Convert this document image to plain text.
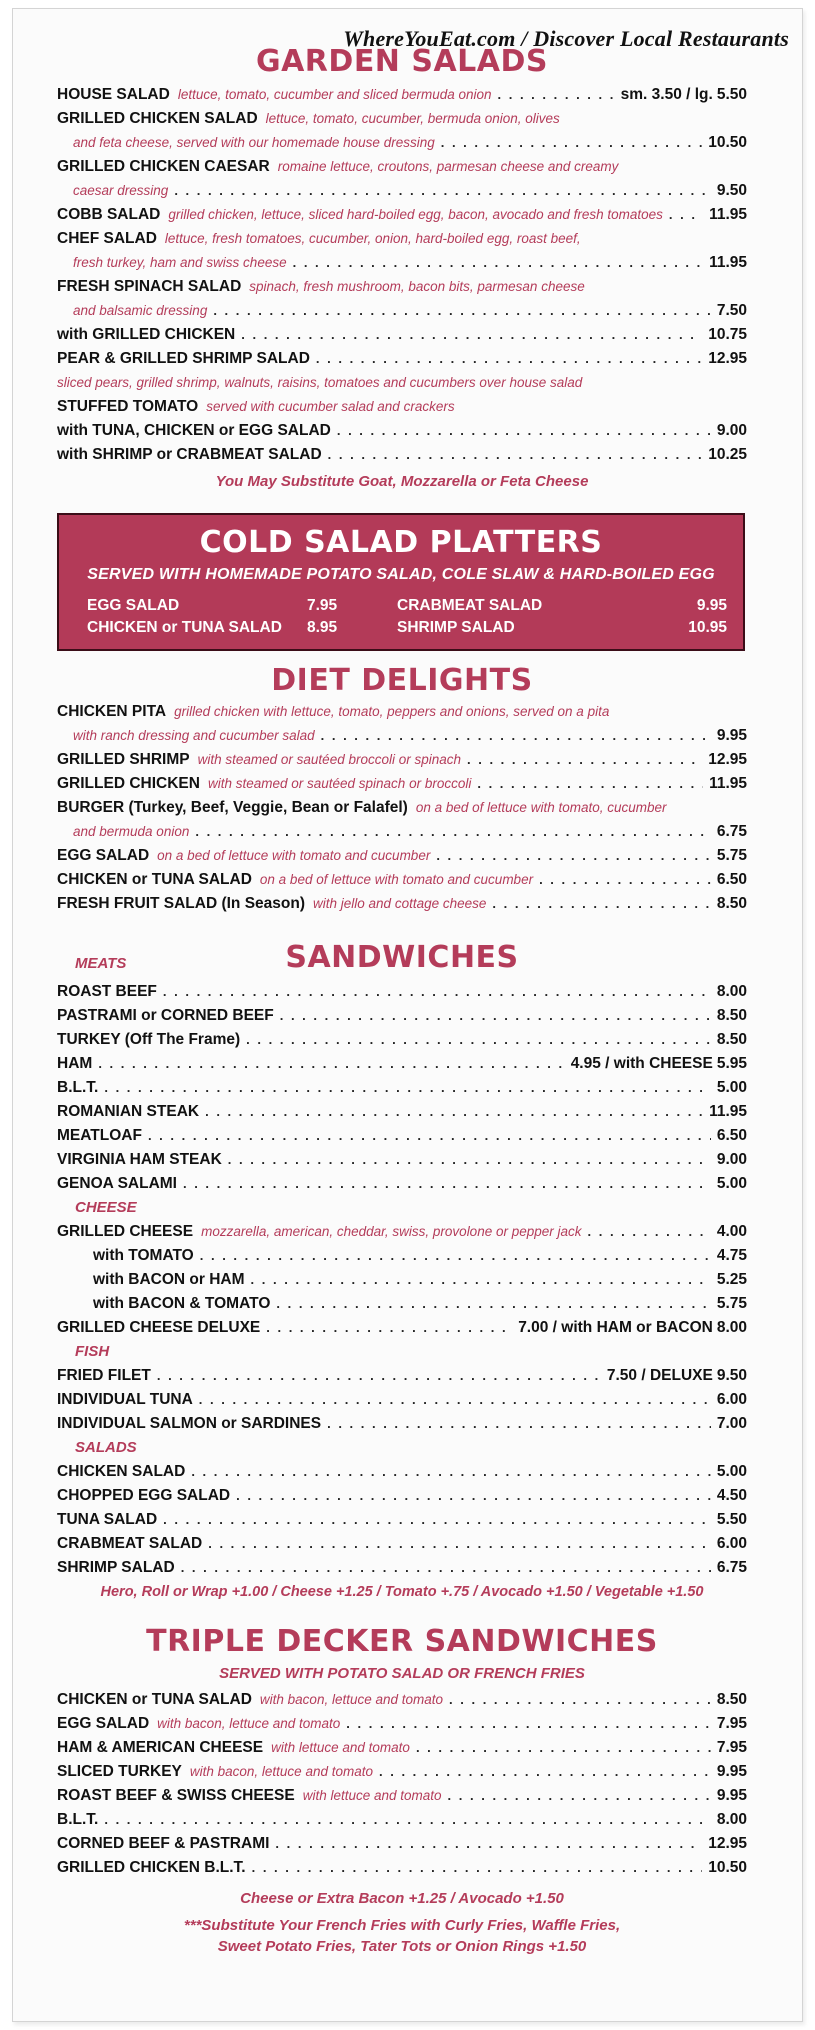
WhereYouEat.com / Discover Local Restaurants
GARDEN SALADS
HOUSE SALAD lettuce, tomato, cucumber and sliced bermuda onion . . .	sm. 3.50 / lg. 5.50
GRILLED CHICKEN SALAD lettuce, tomato, cucumber, bermuda onion, olives
and feta cheese, served with our homemade house dressing . . .	10.50
GRILLED CHICKEN CAESAR romaine lettuce, croutons, parmesan cheese and creamy
caesar dressing . . .	9.50
COBB SALAD grilled chicken, lettuce, sliced hard-boiled egg, bacon, avocado and fresh tomatoes . . .	11.95
CHEF SALAD lettuce, fresh tomatoes, cucumber, onion, hard-boiled egg, roast beef,
fresh turkey, ham and swiss cheese . . .	11.95
FRESH SPINACH SALAD spinach, fresh mushroom, bacon bits, parmesan cheese
and balsamic dressing . . .	7.50
with GRILLED CHICKEN . . .	10.75
PEAR & GRILLED SHRIMP SALAD . . .	12.95
sliced pears, grilled shrimp, walnuts, raisins, tomatoes and cucumbers over house salad
STUFFED TOMATO served with cucumber salad and crackers
with TUNA, CHICKEN or EGG SALAD . . .	9.00
with SHRIMP or CRABMEAT SALAD . . .	10.25
You May Substitute Goat, Mozzarella or Feta Cheese
COLD SALAD PLATTERS
SERVED WITH HOMEMADE POTATO SALAD, COLE SLAW & HARD-BOILED EGG
EGG SALAD	7.95	CRABMEAT SALAD	9.95
CHICKEN or TUNA SALAD	8.95	SHRIMP SALAD	10.95
DIET DELIGHTS
CHICKEN PITA grilled chicken with lettuce, tomato, peppers and onions, served on a pita
with ranch dressing and cucumber salad . . .	9.95
GRILLED SHRIMP with steamed or sautéed broccoli or spinach . . .	12.95
GRILLED CHICKEN with steamed or sautéed spinach or broccoli . . .	11.95
BURGER (Turkey, Beef, Veggie, Bean or Falafel) on a bed of lettuce with tomato, cucumber
and bermuda onion . . .	6.75
EGG SALAD on a bed of lettuce with tomato and cucumber . . .	5.75
CHICKEN or TUNA SALAD on a bed of lettuce with tomato and cucumber . . .	6.50
FRESH FRUIT SALAD (In Season) with jello and cottage cheese . . .	8.50
MEATS	SANDWICHES
ROAST BEEF . . .	8.00
PASTRAMI or CORNED BEEF . . .	8.50
TURKEY (Off The Frame) . . .	8.50
HAM . . .	4.95 / with CHEESE 5.95
B.L.T. . . .	5.00
ROMANIAN STEAK . . .	11.95
MEATLOAF . . .	6.50
VIRGINIA HAM STEAK . . .	9.00
GENOA SALAMI . . .	5.00
CHEESE
GRILLED CHEESE mozzarella, american, cheddar, swiss, provolone or pepper jack . . .	4.00
with TOMATO . . .	4.75
with BACON or HAM . . .	5.25
with BACON & TOMATO . . .	5.75
GRILLED CHEESE DELUXE . . .	7.00 / with HAM or BACON 8.00
FISH
FRIED FILET . . .	7.50 / DELUXE 9.50
INDIVIDUAL TUNA . . .	6.00
INDIVIDUAL SALMON or SARDINES . . .	7.00
SALADS
CHICKEN SALAD . . .	5.00
CHOPPED EGG SALAD . . .	4.50
TUNA SALAD . . .	5.50
CRABMEAT SALAD . . .	6.00
SHRIMP SALAD . . .	6.75
Hero, Roll or Wrap +1.00 / Cheese +1.25 / Tomato +.75 / Avocado +1.50 / Vegetable +1.50
TRIPLE DECKER SANDWICHES
SERVED WITH POTATO SALAD OR FRENCH FRIES
CHICKEN or TUNA SALAD with bacon, lettuce and tomato . . .	8.50
EGG SALAD with bacon, lettuce and tomato . . .	7.95
HAM & AMERICAN CHEESE with lettuce and tomato . . .	7.95
SLICED TURKEY with bacon, lettuce and tomato . . .	9.95
ROAST BEEF & SWISS CHEESE with lettuce and tomato . . .	9.95
B.L.T. . . .	8.00
CORNED BEEF & PASTRAMI . . .	12.95
GRILLED CHICKEN B.L.T. . . .	10.50
Cheese or Extra Bacon +1.25 / Avocado +1.50
***Substitute Your French Fries with Curly Fries, Waffle Fries,
Sweet Potato Fries, Tater Tots or Onion Rings +1.50
